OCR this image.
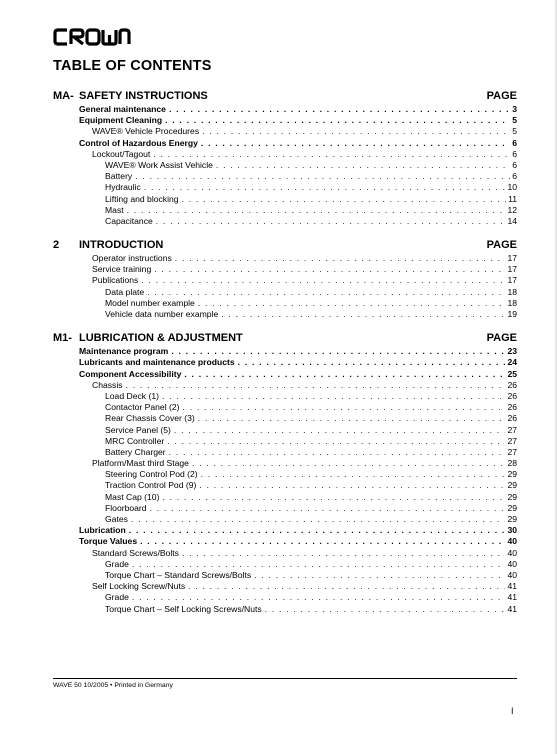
TABLE OF CONTENTS
MA- SAFETY INSTRUCTIONS	PAGE
General maintenance . . .	3
Equipment Cleaning . . .	5
WAVE® Vehicle Procedures . . .	5
Control of Hazardous Energy . . .	6
Lockout/Tagout . . .	6
WAVE® Work Assist Vehicle . . .	6
Battery . . .	6
Hydraulic . . .	10
Lifting and blocking . . .	11
Mast . . .	12
Capacitance . . .	14
2	INTRODUCTION	PAGE
Operator instructions . . .	17
Service training . . .	17
Publications . . .	17
Data plate . . .	18
Model number example . . .	18
Vehicle data number example . . .	19
M1- LUBRICATION & ADJUSTMENT	PAGE
Maintenance program . . .	23
Lubricants and maintenance products . . .	24
Component Accessibility . . .	25
Chassis . . .	26
Load Deck (1) . . .	26
Contactor Panel (2) . . .	26
Rear Chassis Cover (3) . . .	26
Service Panel (5) . . .	27
MRC Controller . . .	27
Battery Charger . . .	27
Platform/Mast third Stage . . .	28
Steering Control Pod (2) . . .	29
Traction Control Pod (9) . . .	29
Mast Cap (10) . . .	29
Floorboard . . .	29
Gates . . .	29
Lubrication . . .	30
Torque Values . . .	40
Standard Screws/Bolts . . .	40
Grade . . .	40
Torque Chart – Standard Screws/Bolts . . .	40
Self Locking Screw/Nuts . . .	41
Grade . . .	41
Torque Chart – Self Locking Screws/Nuts . . .	41
WAVE 50 10/2005 • Printed in Germany
I
